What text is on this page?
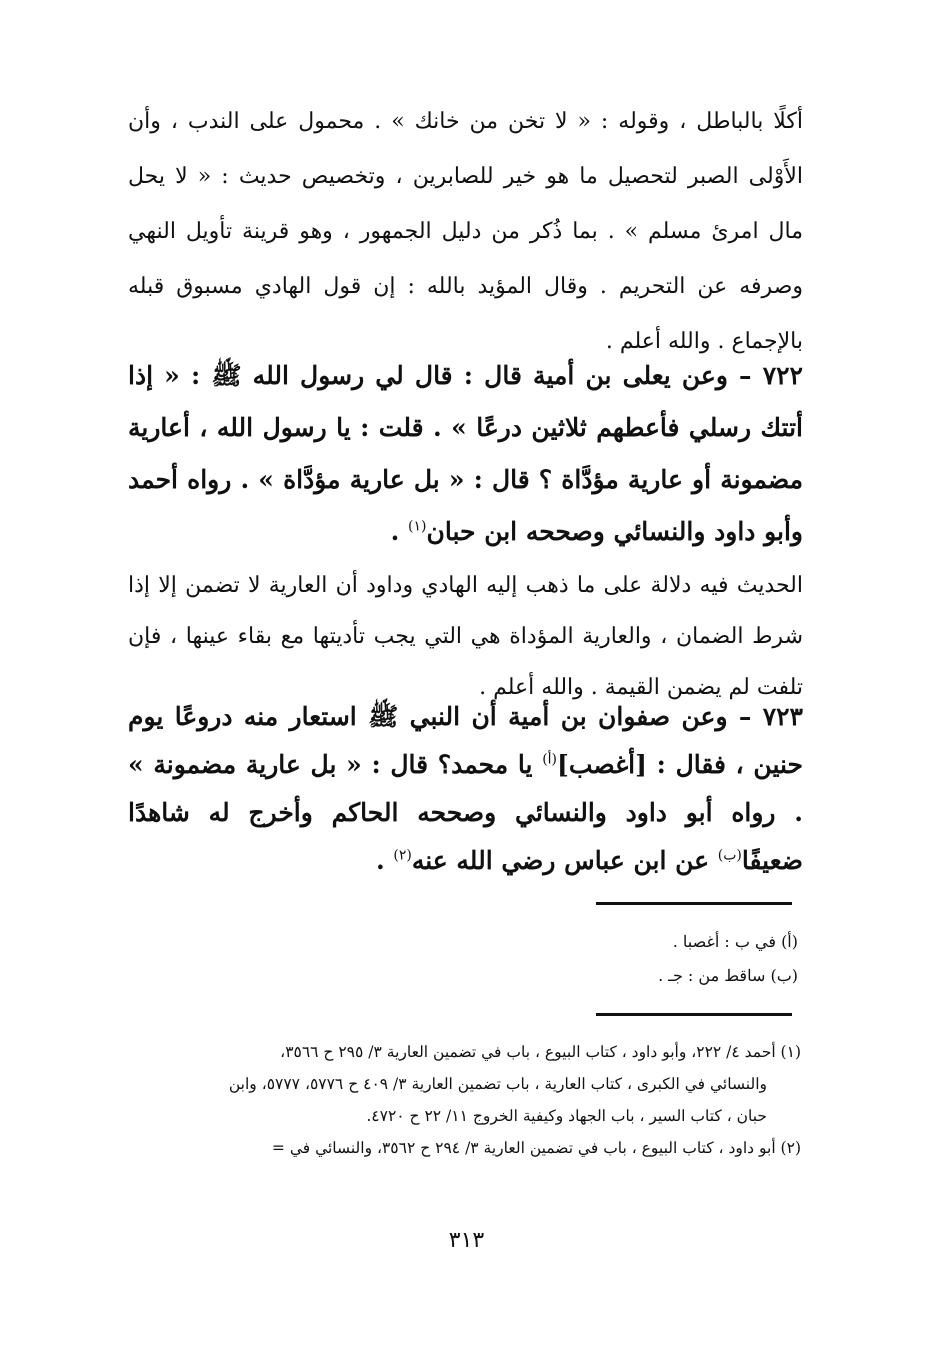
أكلًا بالباطل ، وقوله : « لا تخن من خانك » . محمول على الندب ، وأن الأَوْلى الصبر لتحصيل ما هو خير للصابرين ، وتخصيص حديث : « لا يحل مال امرئ مسلم » . بما ذُكر من دليل الجمهور ، وهو قرينة تأويل النهي وصرفه عن التحريم . وقال المؤيد بالله : إن قول الهادي مسبوق قبله بالإجماع . والله أعلم .

٧٢٢ – وعن يعلى بن أمية قال : قال لي رسول الله ﷺ : « إذا أتتك رسلي فأعطهم ثلاثين درعًا » . قلت : يا رسول الله ، أعارية مضمونة أو عارية مؤدَّاة ؟ قال : « بل عارية مؤدَّاة » . رواه أحمد وأبو داود والنسائي وصححه ابن حبان$^{(١)}$ .

الحديث فيه دلالة على ما ذهب إليه الهادي وداود أن العارية لا تضمن إلا إذا شرط الضمان ، والعارية المؤداة هي التي يجب تأديتها مع بقاء عينها ، فإن تلفت لم يضمن القيمة . والله أعلم .

٧٢٣ – وعن صفوان بن أمية أن النبي ﷺ استعار منه دروعًا يوم حنين ، فقال : [أغصب]$^{(أ)}$ يا محمد؟ قال : « بل عارية مضمونة » . رواه أبو داود والنسائي وصححه الحاكم وأخرج له شاهدًا ضعيفًا$^{(ب)}$ عن ابن عباس رضي الله عنه$^{(٢)}$ .

(أ) في ب : أغصبا .

(ب) ساقط من : جـ .

(١) أحمد ٤/ ٢٢٢، وأبو داود ، كتاب البيوع ، باب في تضمين العارية ٣/ ٢٩٥ ح ٣٥٦٦،

والنسائي في الكبرى ، كتاب العارية ، باب تضمين العارية ٣/ ٤٠٩ ح ٥٧٧٦، ٥٧٧٧، وابن

حبان ، كتاب السير ، باب الجهاد وكيفية الخروج ١١/ ٢٢ ح ٤٧٢٠.

(٢) أبو داود ، كتاب البيوع ، باب في تضمين العارية ٣/ ٢٩٤ ح ٣٥٦٢، والنسائي في =

٣١٣
